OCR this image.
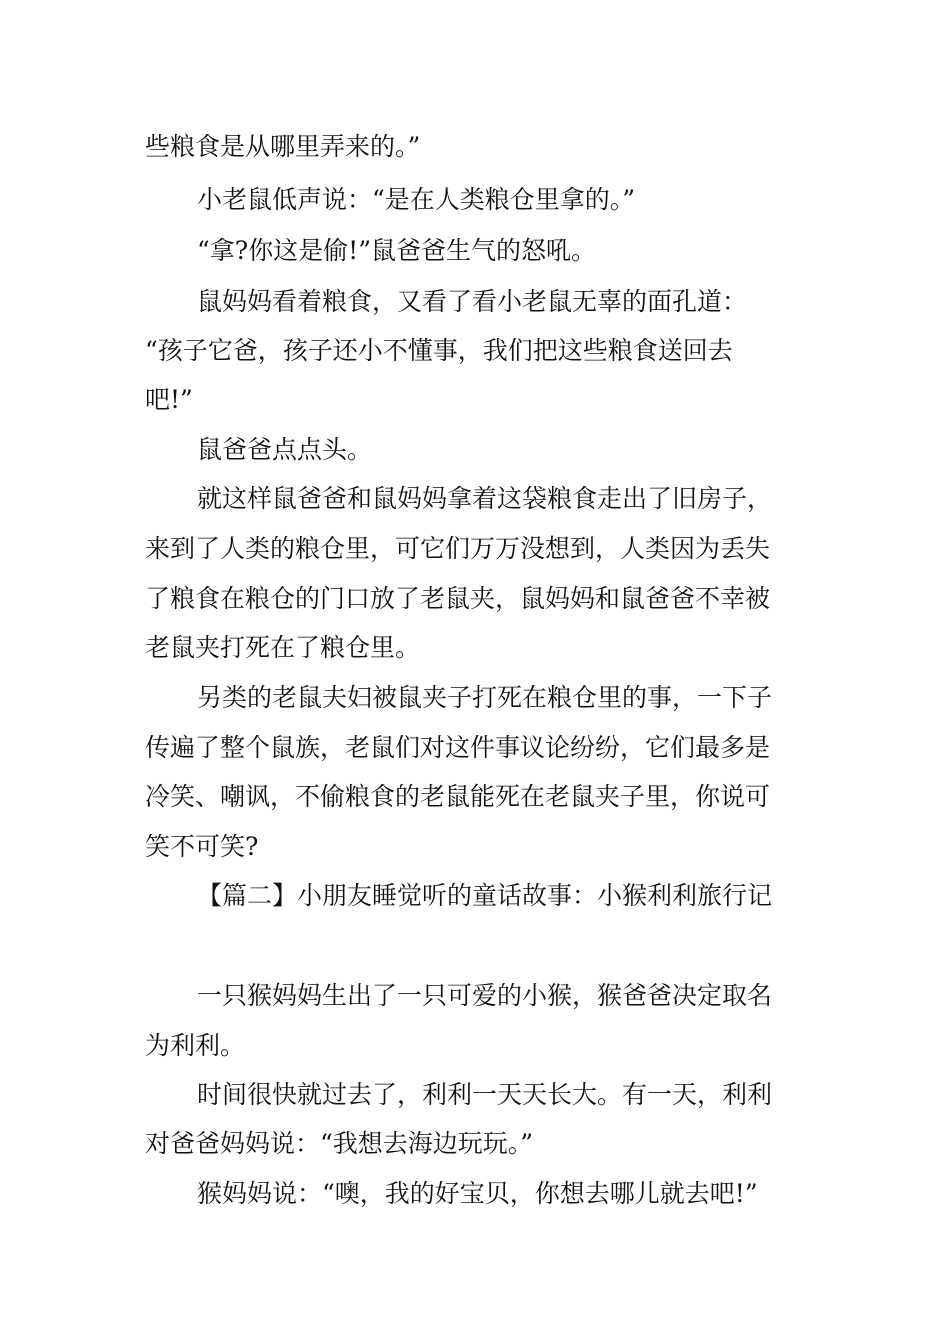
些粮食是从哪里弄来的。”
小老鼠低声说：“是在人类粮仓里拿的。”
“拿?你这是偷!”鼠爸爸生气的怒吼。
鼠妈妈看着粮食，又看了看小老鼠无辜的面孔道：
“孩子它爸，孩子还小不懂事，我们把这些粮食送回去
吧!”
鼠爸爸点点头。
就这样鼠爸爸和鼠妈妈拿着这袋粮食走出了旧房子，
来到了人类的粮仓里，可它们万万没想到，人类因为丢失
了粮食在粮仓的门口放了老鼠夹，鼠妈妈和鼠爸爸不幸被
老鼠夹打死在了粮仓里。
另类的老鼠夫妇被鼠夹子打死在粮仓里的事，一下子
传遍了整个鼠族，老鼠们对这件事议论纷纷，它们最多是
冷笑、嘲讽，不偷粮食的老鼠能死在老鼠夹子里，你说可
笑不可笑?
【篇二】小朋友睡觉听的童话故事：小猴利利旅行记
一只猴妈妈生出了一只可爱的小猴，猴爸爸决定取名
为利利。
时间很快就过去了，利利一天天长大。有一天，利利
对爸爸妈妈说：“我想去海边玩玩。”
猴妈妈说：“噢，我的好宝贝，你想去哪儿就去吧!”
